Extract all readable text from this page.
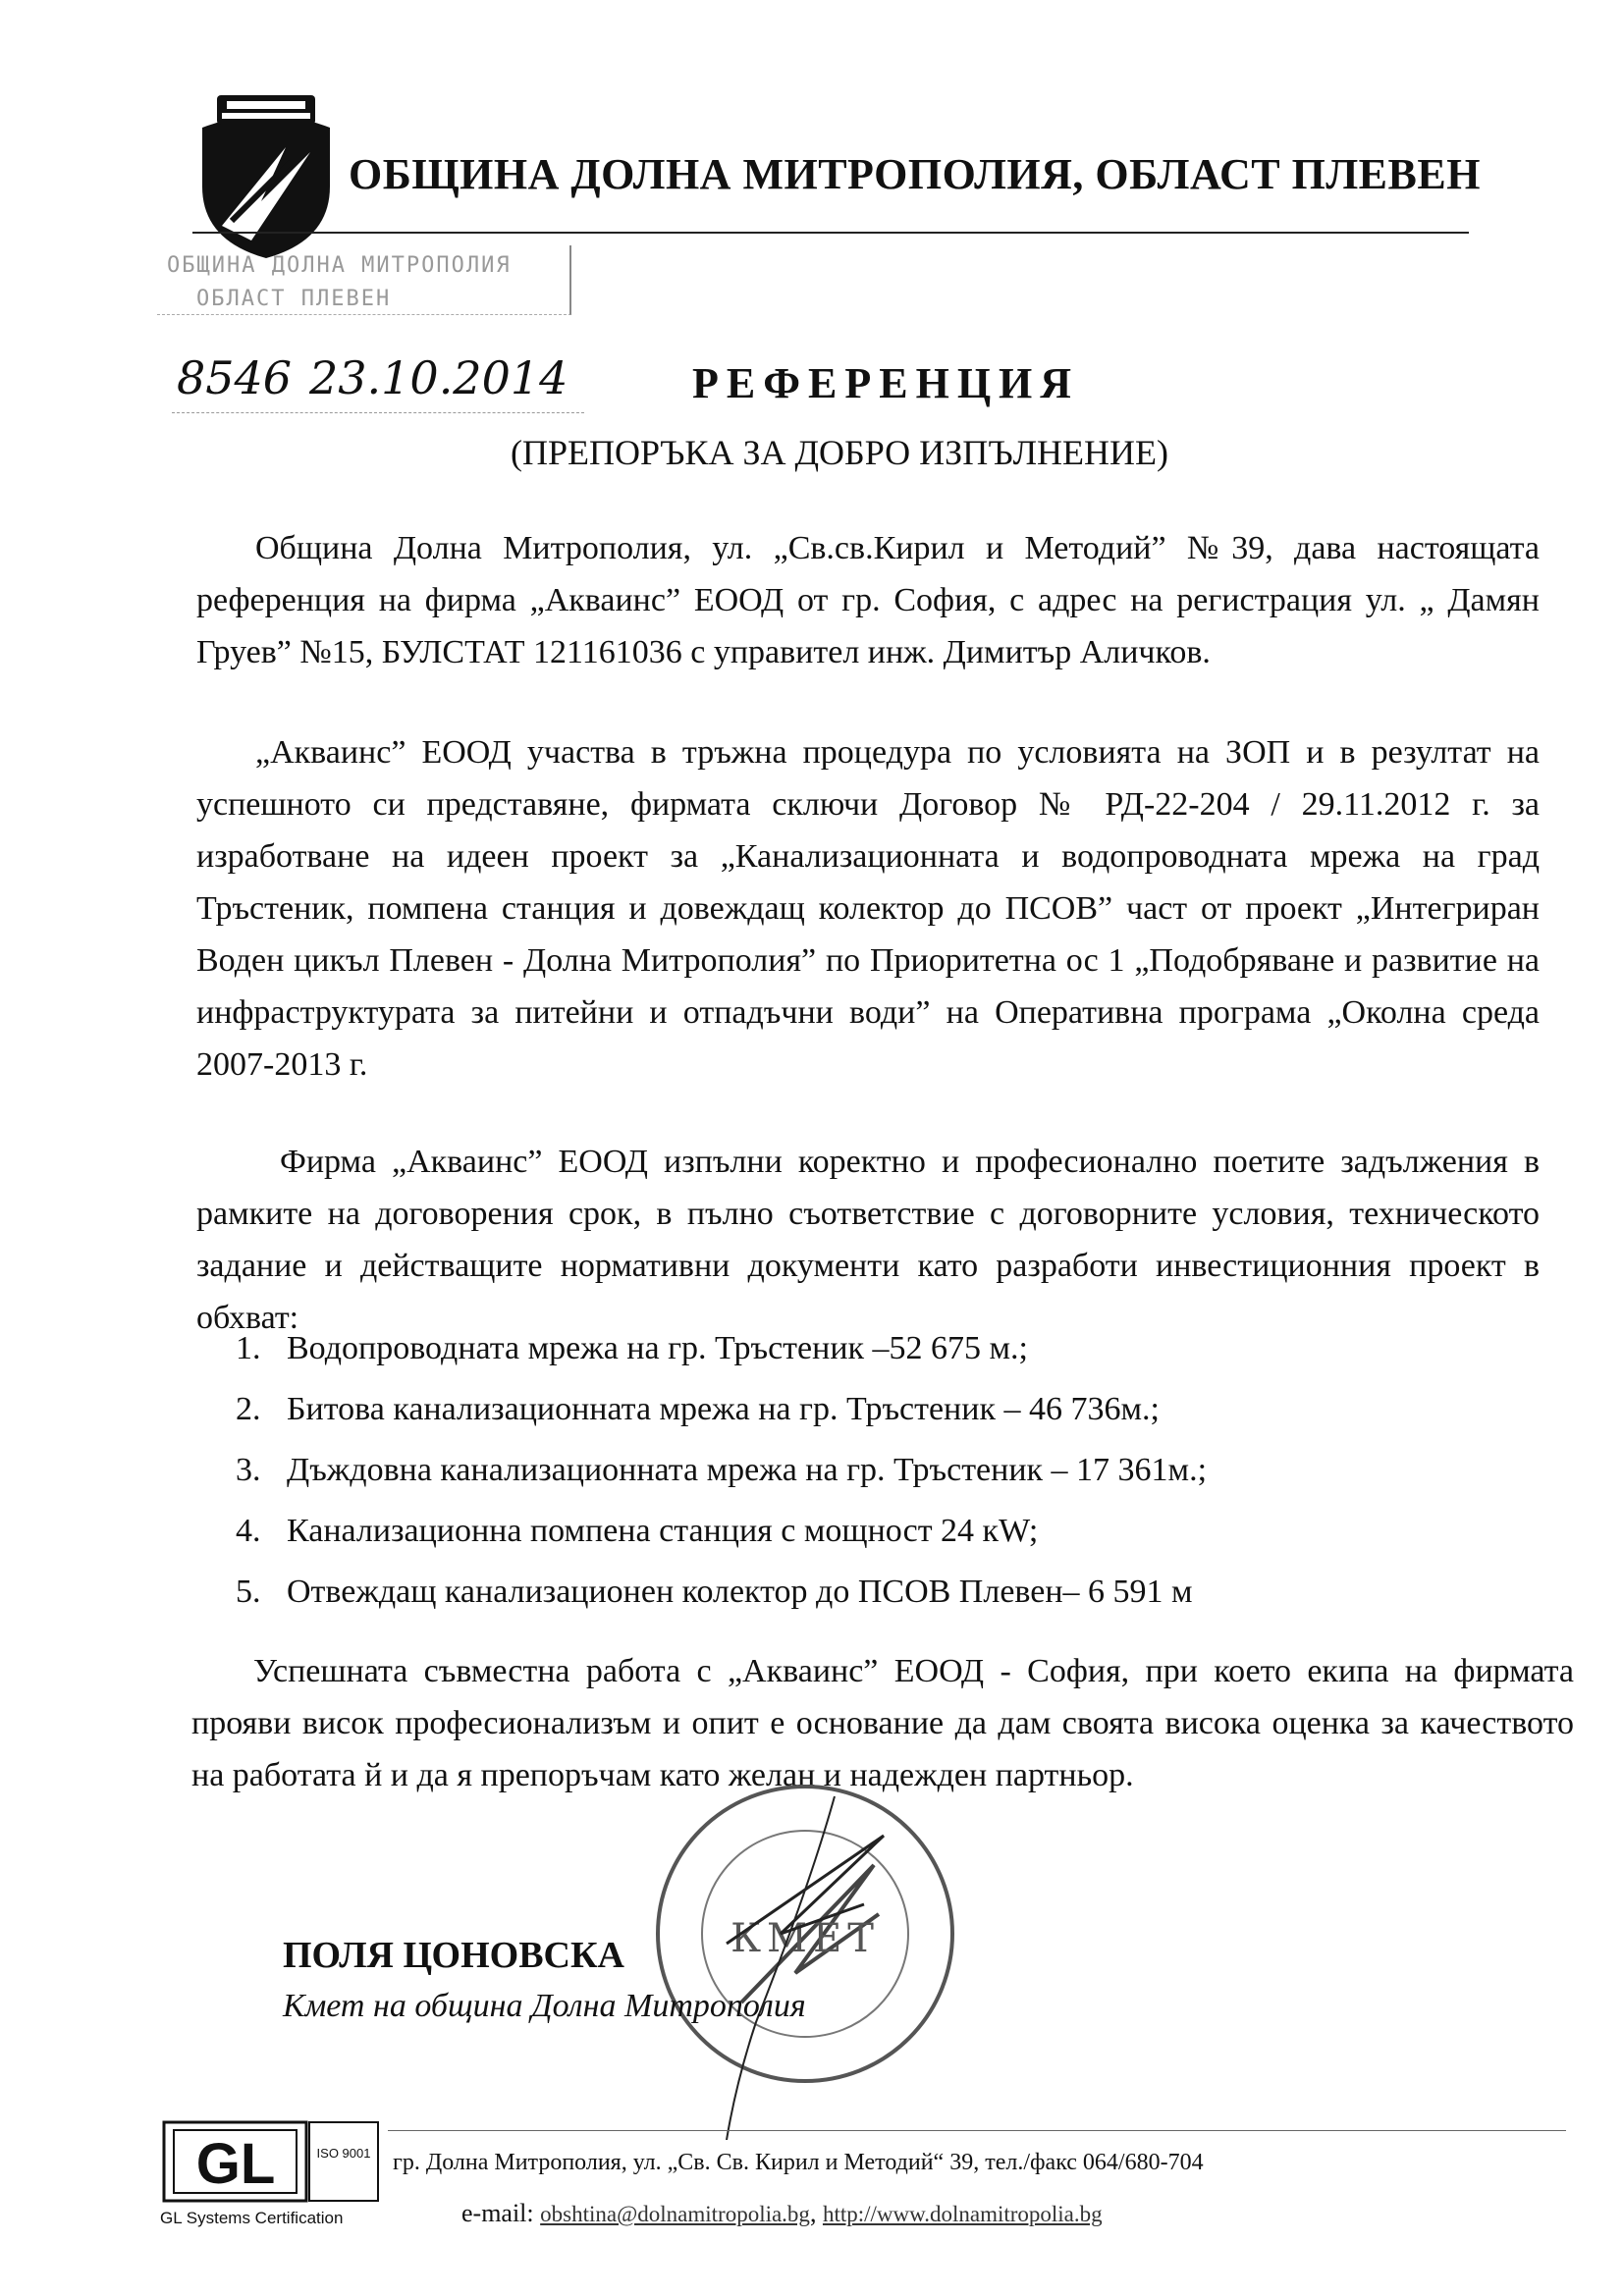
ОБЩИНА ДОЛНА МИТРОПОЛИЯ, ОБЛАСТ ПЛЕВЕН
ОБЩИНА ДОЛНА МИТРОПОЛИЯ
ОБЛАСТ ПЛЕВЕН
8546 23.10.2014	РЕФЕРЕНЦИЯ
(ПРЕПОРЪКА ЗА ДОБРО ИЗПЪЛНЕНИЕ)

Община Долна Митрополия, ул. „Св.св.Кирил и Методий” №39, дава настоящата референция на фирма „Акваинс” ЕООД от гр. София, с адрес на регистрация ул. „ Дамян Груев” №15, БУЛСТАТ 121161036 с управител инж. Димитър Аличков.

„Акваинс” ЕООД участва в тръжна процедура по условията на ЗОП и в резултат на успешното си представяне, фирмата сключи Договор № РД-22-204 / 29.11.2012 г. за изработване на идеен проект за „Канализационната и водопроводната мрежа на град Тръстеник, помпена станция и довеждащ колектор до ПСОВ” част от проект „Интегриран Воден цикъл Плевен - Долна Митрополия” по Приоритетна ос 1 „Подобряване и развитие на инфраструктурата за питейни и отпадъчни води” на Оперативна програма „Околна среда 2007-2013 г.

Фирма „Акваинс” ЕООД изпълни коректно и професионално поетите задължения в рамките на договорения срок, в пълно съответствие с договорните условия, техническото задание и действащите нормативни документи като разработи инвестиционния проект в обхват:

1. Водопроводната мрежа на гр. Тръстеник –52 675 м.;
2. Битова канализационната мрежа на гр. Тръстеник – 46 736м.;
3. Дъждовна канализационната мрежа на гр. Тръстеник – 17 361м.;
4. Канализационна помпена станция с мощност 24 кW;
5. Отвеждащ канализационен колектор до ПСОВ Плевен– 6 591 м

Успешната съвместна работа с „Акваинс” ЕООД - София, при което екипа на фирмата прояви висок професионализъм и опит е основание да дам своята висока оценка за качеството на работата й и да я препоръчам като желан и надежден партньор.

КМЕТ
ПОЛЯ ЦОНОВСКА
Кмет на община Долна Митрополия
GL	ISO 9001
GL Systems Certification
гр. Долна Митрополия, ул. „Св. Св. Кирил и Методий“ 39, тел./факс 064/680-704
e-mail: obshtina@dolnamitropolia.bg, http://www.dolnamitropolia.bg
